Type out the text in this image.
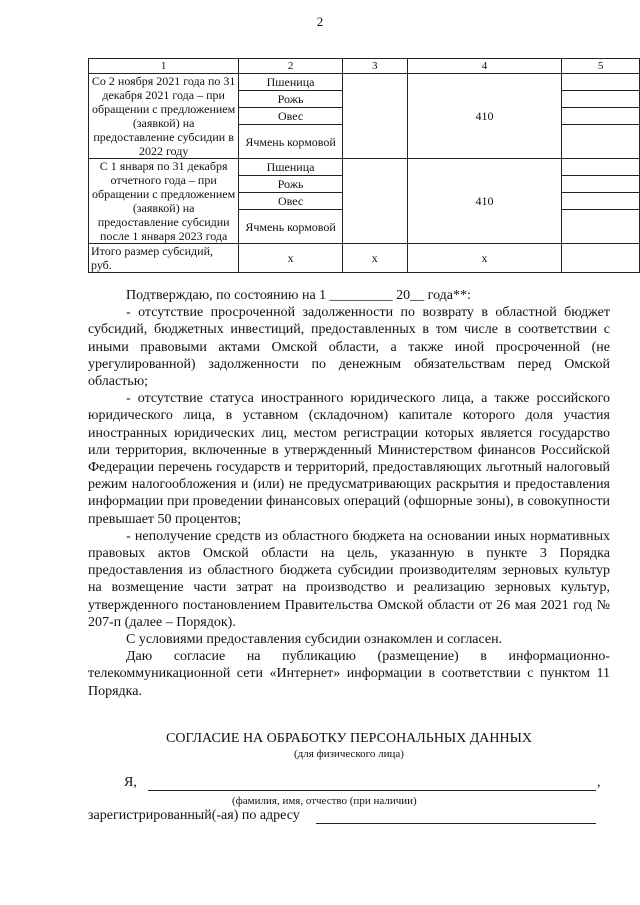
2
1	2	3	4	5
Со 2 ноября 2021 года по 31 декабря 2021 года – при обращении с предложением (заявкой) на предоставление субсидии в 2022 году	Пшеница		410	

	Рожь			
	Овес			
	Ячмень кормовой			
С 1 января по 31 декабря отчетного года – при обращении с предложением (заявкой) на предоставление субсидии после 1 января 2023 года	Пшеница		410	

	Рожь			
	Овес			
	Ячмень кормовой			
Итого размер субсидий, руб.	х	х	х	

Подтверждаю, по состоянию на 1 _________ 20__ года**:

- отсутствие просроченной задолженности по возврату в областной бюджет субсидий, бюджетных инвестиций, предоставленных в том числе в соответствии с иными правовыми актами Омской области, а также иной просроченной (не урегулированной) задолженности по денежным обязательствам перед Омской областью;

- отсутствие статуса иностранного юридического лица, а также российского юридического лица, в уставном (складочном) капитале которого доля участия иностранных юридических лиц, местом регистрации которых является государство или территория, включенные в утвержденный Министерством финансов Российской Федерации перечень государств и территорий, предоставляющих льготный налоговый режим налогообложения и (или) не предусматривающих раскрытия и предоставления информации при проведении финансовых операций (офшорные зоны), в совокупности превышает 50 процентов;

- неполучение средств из областного бюджета на основании иных нормативных правовых актов Омской области на цель, указанную в пункте 3 Порядка предоставления из областного бюджета субсидии производителям зерновых культур на возмещение части затрат на производство и реализацию зерновых культур, утвержденного постановлением Правительства Омской области от 26 мая 2021 год № 207-п (далее – Порядок).

С условиями предоставления субсидии ознакомлен и согласен.

Даю согласие на публикацию (размещение) в информационно-телекоммуникационной сети «Интернет» информации в соответствии с пунктом 11 Порядка.

СОГЛАСИЕ НА ОБРАБОТКУ ПЕРСОНАЛЬНЫХ ДАННЫХ
(для физического лица)
Я,	,
(фамилия, имя, отчество (при наличии)
зарегистрированный(-ая) по адресу
